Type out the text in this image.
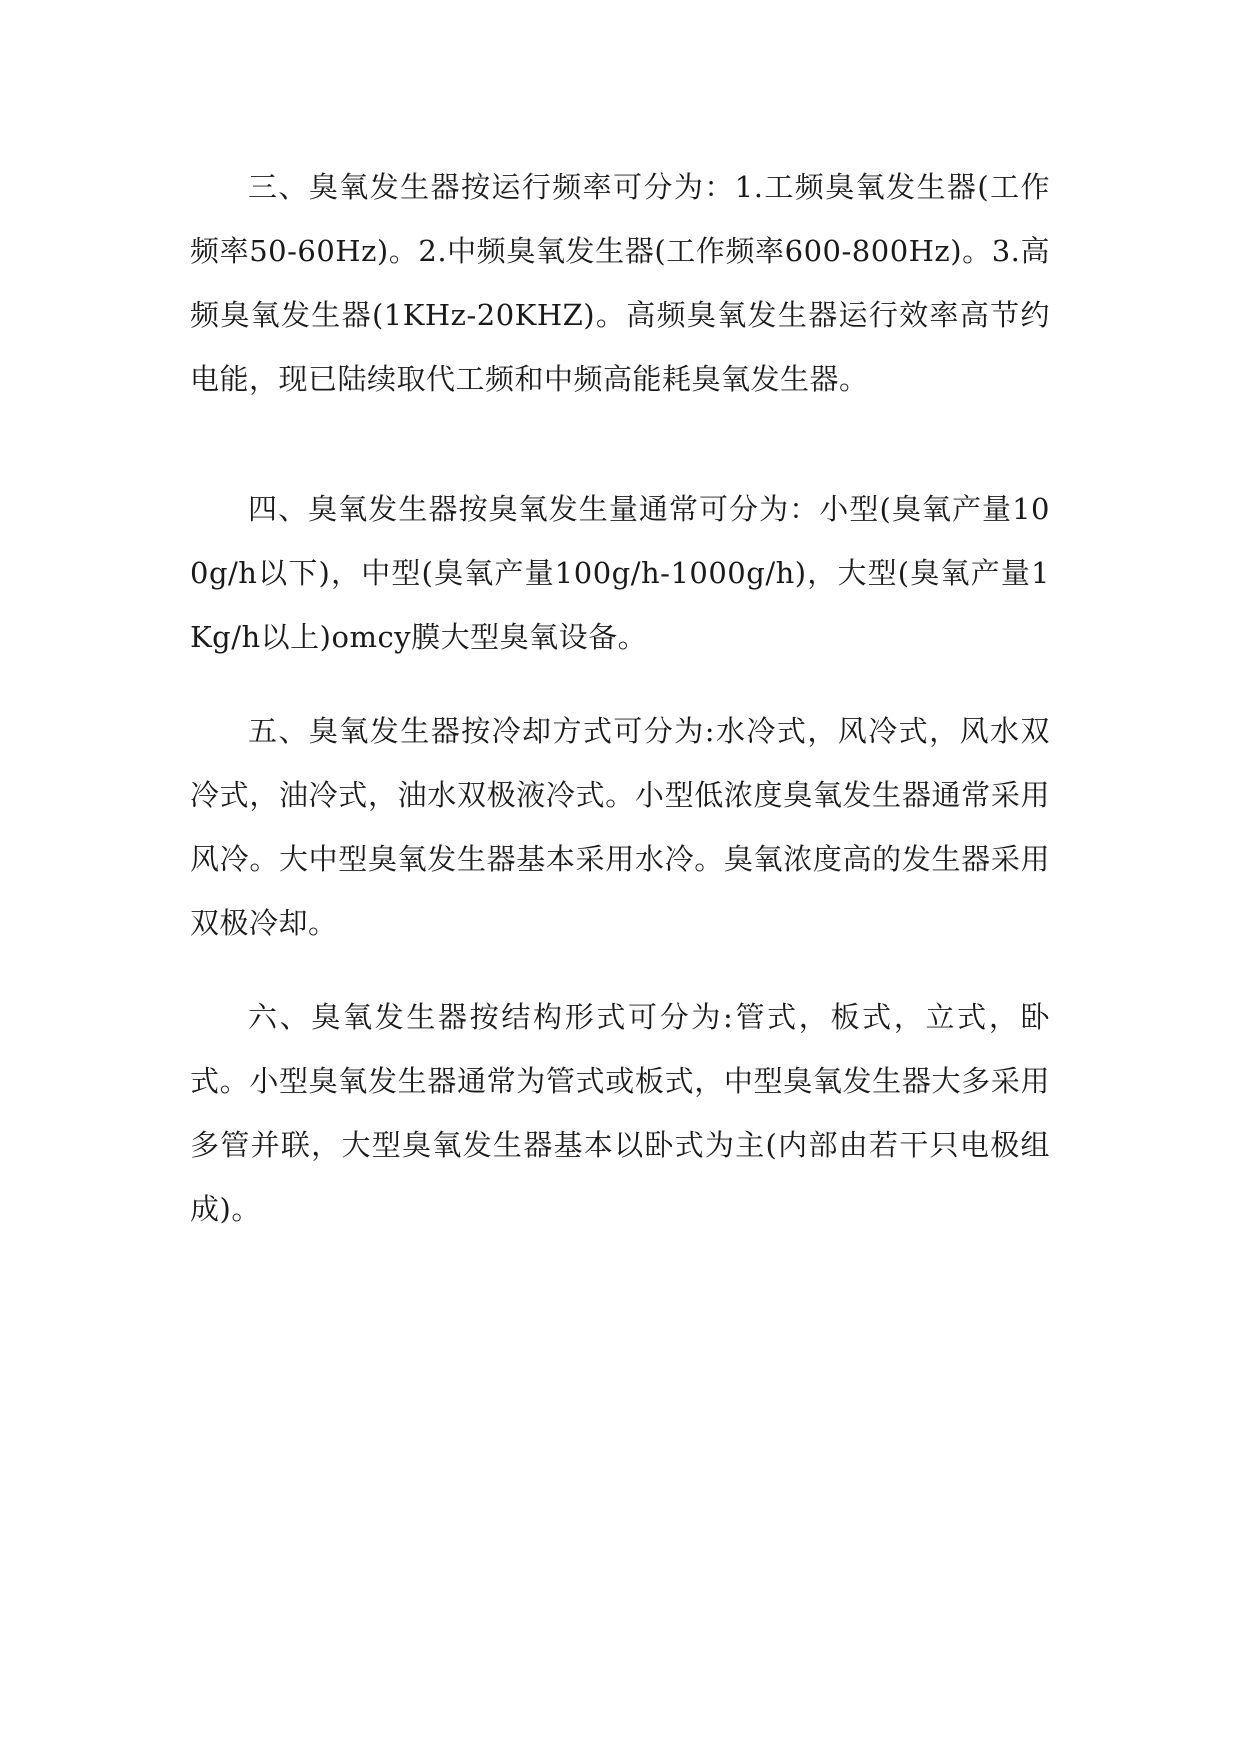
三、臭氧发生器按运行频率可分为：1.工频臭氧发生器(工作频率50-60Hz)。2.中频臭氧发生器(工作频率600-800Hz)。3.高频臭氧发生器(1KHz-20KHZ)。高频臭氧发生器运行效率高节约电能，现已陆续取代工频和中频高能耗臭氧发生器。

四、臭氧发生器按臭氧发生量通常可分为：小型(臭氧产量100g/h以下)，中型(臭氧产量100g/h-1000g/h)，大型(臭氧产量1Kg/h以上)omcy膜大型臭氧设备。

五、臭氧发生器按冷却方式可分为:水冷式，风冷式，风水双冷式，油冷式，油水双极液冷式。小型低浓度臭氧发生器通常采用风冷。大中型臭氧发生器基本采用水冷。臭氧浓度高的发生器采用双极冷却。

六、臭氧发生器按结构形式可分为:管式，板式，立式，卧式。小型臭氧发生器通常为管式或板式，中型臭氧发生器大多采用多管并联，大型臭氧发生器基本以卧式为主(内部由若干只电极组成)。
